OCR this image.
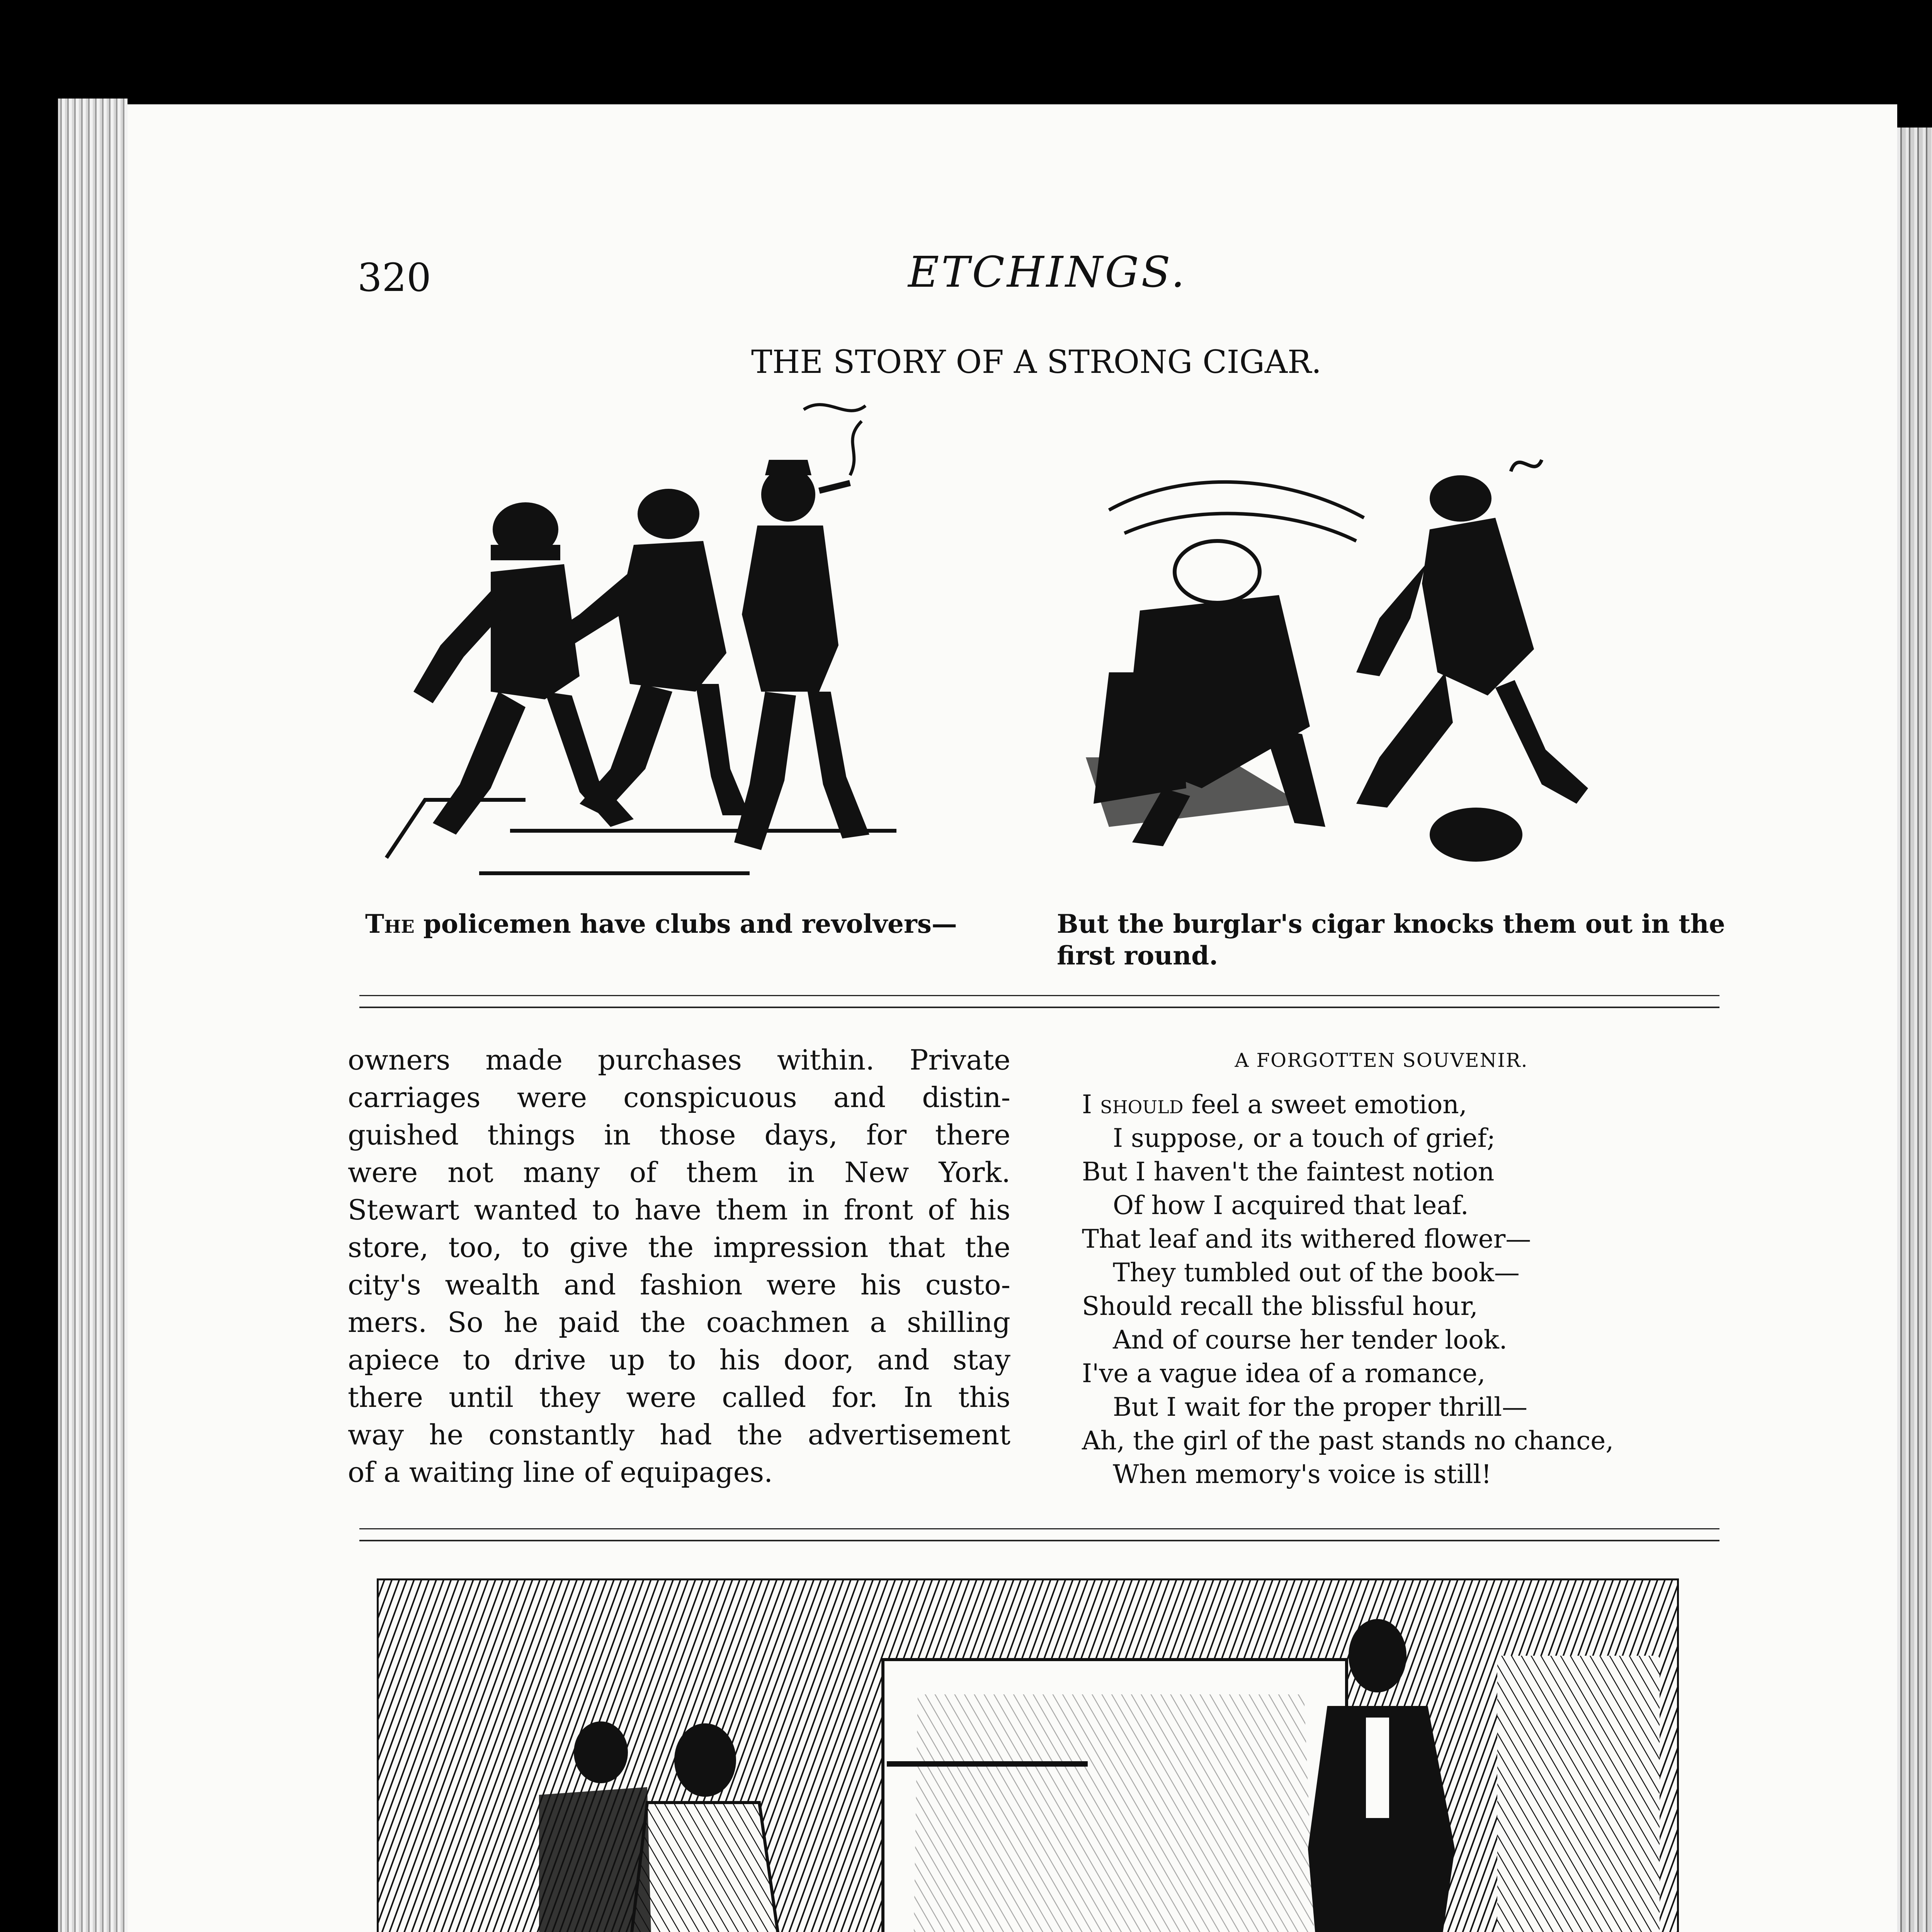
320	ETCHINGS.
THE STORY OF A STRONG CIGAR.
The policemen have clubs and revolvers—	But the burglar's cigar knocks them out in the first round.

owners made purchases within. Private

carriages were conspicuous and distin-

guished things in those days, for there

were not many of them in New York.

Stewart wanted to have them in front of his

store, too, to give the impression that the

city's wealth and fashion were his custo-

mers. So he paid the coachmen a shilling

apiece to drive up to his door, and stay

there until they were called for. In this

way he constantly had the advertisement

of a waiting line of equipages.

A FORGOTTEN SOUVENIR.
I should feel a sweet emotion,
I suppose, or a touch of grief;
But I haven't the faintest notion
Of how I acquired that leaf.
That leaf and its withered flower—
They tumbled out of the book—
Should recall the blissful hour,
And of course her tender look.
I've a vague idea of a romance,
But I wait for the proper thrill—
Ah, the girl of the past stands no chance,
When memory's voice is still!
